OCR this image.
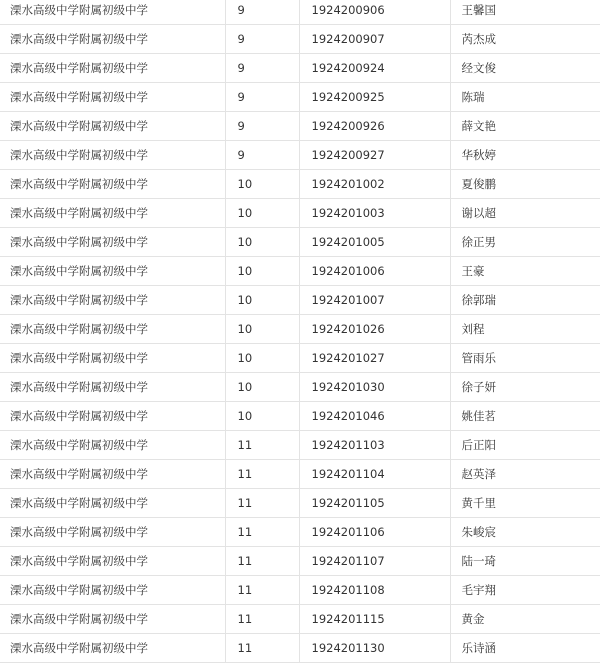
溧水高级中学附属初级中学	9	1924200906	王馨国
溧水高级中学附属初级中学	9	1924200907	芮杰成
溧水高级中学附属初级中学	9	1924200924	经文俊
溧水高级中学附属初级中学	9	1924200925	陈瑞
溧水高级中学附属初级中学	9	1924200926	薛文艳
溧水高级中学附属初级中学	9	1924200927	华秋婷
溧水高级中学附属初级中学	10	1924201002	夏俊鹏
溧水高级中学附属初级中学	10	1924201003	谢以超
溧水高级中学附属初级中学	10	1924201005	徐正男
溧水高级中学附属初级中学	10	1924201006	王豪
溧水高级中学附属初级中学	10	1924201007	徐郭瑞
溧水高级中学附属初级中学	10	1924201026	刘程
溧水高级中学附属初级中学	10	1924201027	管雨乐
溧水高级中学附属初级中学	10	1924201030	徐子妍
溧水高级中学附属初级中学	10	1924201046	姚佳茗
溧水高级中学附属初级中学	11	1924201103	后正阳
溧水高级中学附属初级中学	11	1924201104	赵英泽
溧水高级中学附属初级中学	11	1924201105	黄千里
溧水高级中学附属初级中学	11	1924201106	朱峻宸
溧水高级中学附属初级中学	11	1924201107	陆一琦
溧水高级中学附属初级中学	11	1924201108	毛宇翔
溧水高级中学附属初级中学	11	1924201115	黄金
溧水高级中学附属初级中学	11	1924201130	乐诗涵
